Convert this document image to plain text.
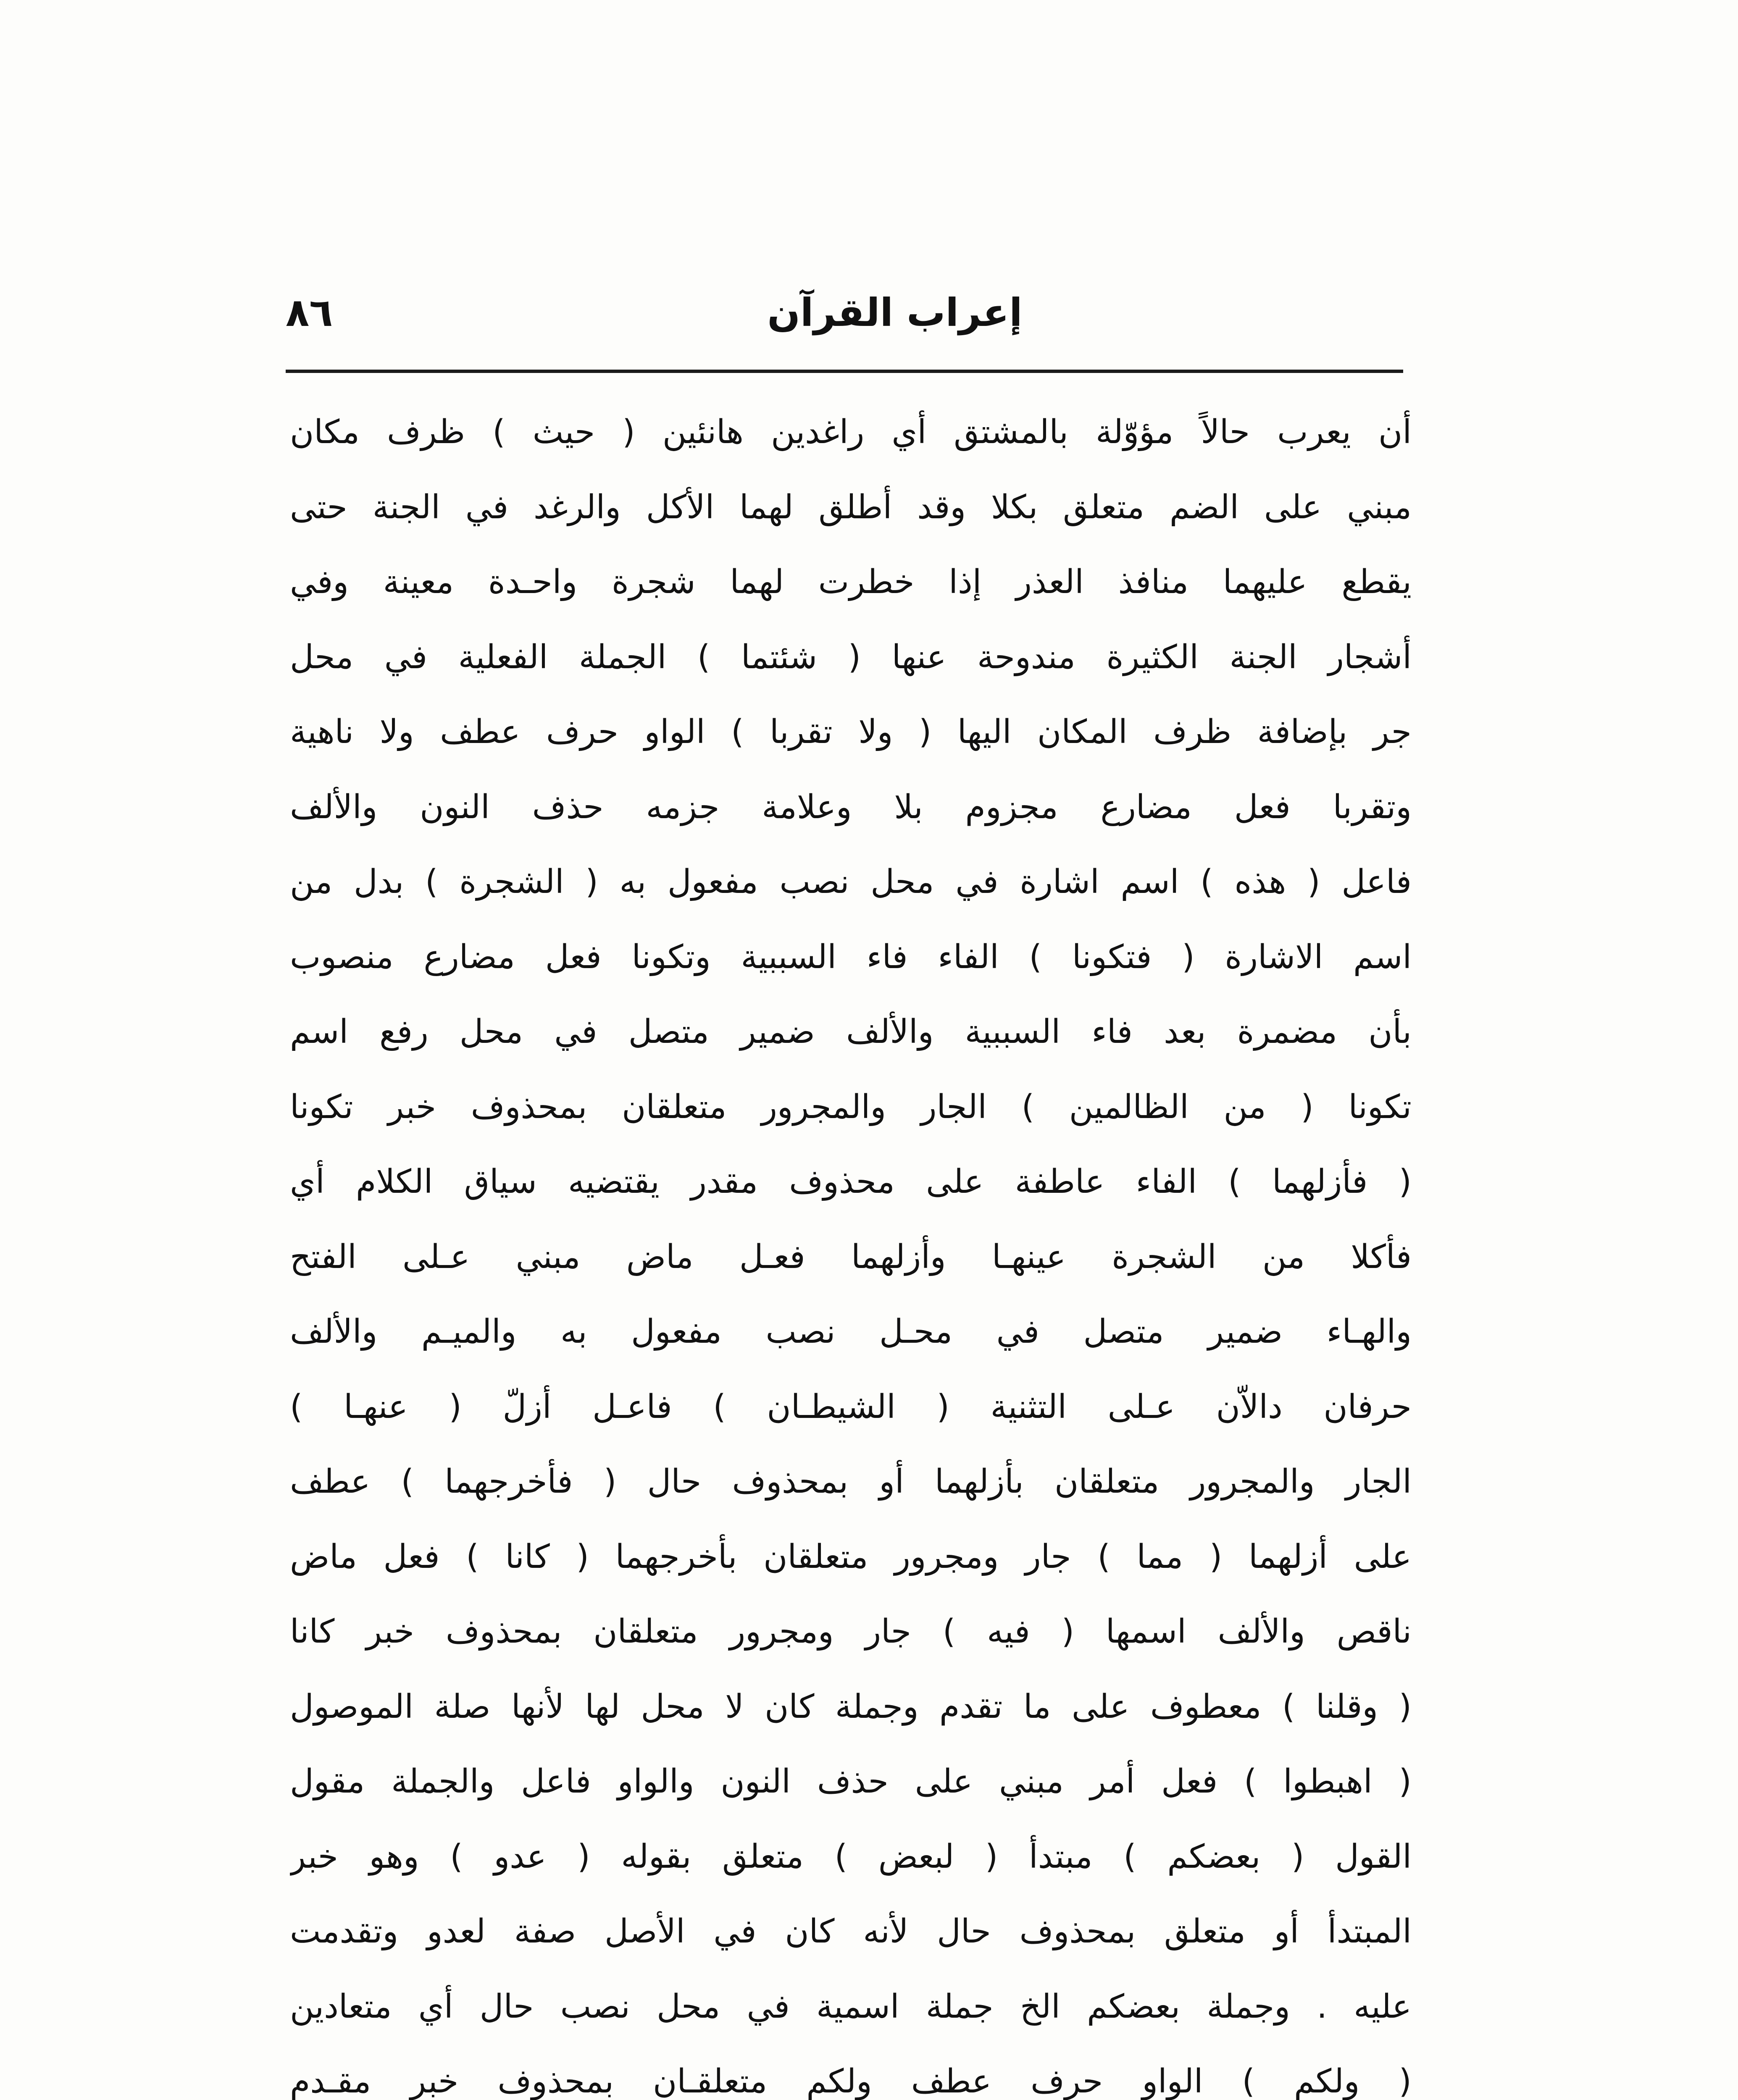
٨٦	إعراب القرآن
أن يعرب حالاً مؤوّلة بالمشتق أي راغدين هانئين ( حيث ) ظرف مكان
مبني على الضم متعلق بكلا وقد أطلق لهما الأكل والرغد في الجنة حتى
يقطع عليهما منافذ العذر إذا خطرت لهما شجرة واحـدة معينة وفي
أشجار الجنة الكثيرة مندوحة عنها ( شئتما ) الجملة الفعلية في محل
جر بإضافة ظرف المكان اليها ( ولا تقربا ) الواو حرف عطف ولا ناهية
وتقربا فعل مضارع مجزوم بلا وعلامة جزمه حذف النون والألف
فاعل ( هذه ) اسم اشارة في محل نصب مفعول به ( الشجرة ) بدل من
اسم الاشارة ( فتكونا ) الفاء فاء السببية وتكونا فعل مضارع منصوب
بأن مضمرة بعد فاء السببية والألف ضمير متصل في محل رفع اسم
تكونا ( من الظالمين ) الجار والمجرور متعلقان بمحذوف خبر تكونا
( فأزلهما ) الفاء عاطفة على محذوف مقدر يقتضيه سياق الكلام أي
فأكلا من الشجرة عينهـا وأزلهما فعـل ماض مبني عـلى الفتح
والهـاء ضمير متصل في محـل نصب مفعول به والميـم والألف
حرفان دالاّن عـلى التثنية ( الشيطـان ) فاعـل أزلّ ( عنهـا )
الجار والمجرور متعلقان بأزلهما أو بمحذوف حال ( فأخرجهما ) عطف
على أزلهما ( مما ) جار ومجرور متعلقان بأخرجهما ( كانا ) فعل ماض
ناقص والألف اسمها ( فيه ) جار ومجرور متعلقان بمحذوف خبر كانا
( وقلنا ) معطوف على ما تقدم وجملة كان لا محل لها لأنها صلة الموصول
( اهبطوا ) فعل أمر مبني على حذف النون والواو فاعل والجملة مقول
القول ( بعضكم ) مبتدأ ( لبعض ) متعلق بقوله ( عدو ) وهو خبر
المبتدأ أو متعلق بمحذوف حال لأنه كان في الأصل صفة لعدو وتقدمت
عليه . وجملة بعضكم الخ جملة اسمية في محل نصب حال أي متعادين
( ولكم ) الواو حرف عطف ولكم متعلقـان بمحذوف خبر مقـدم
